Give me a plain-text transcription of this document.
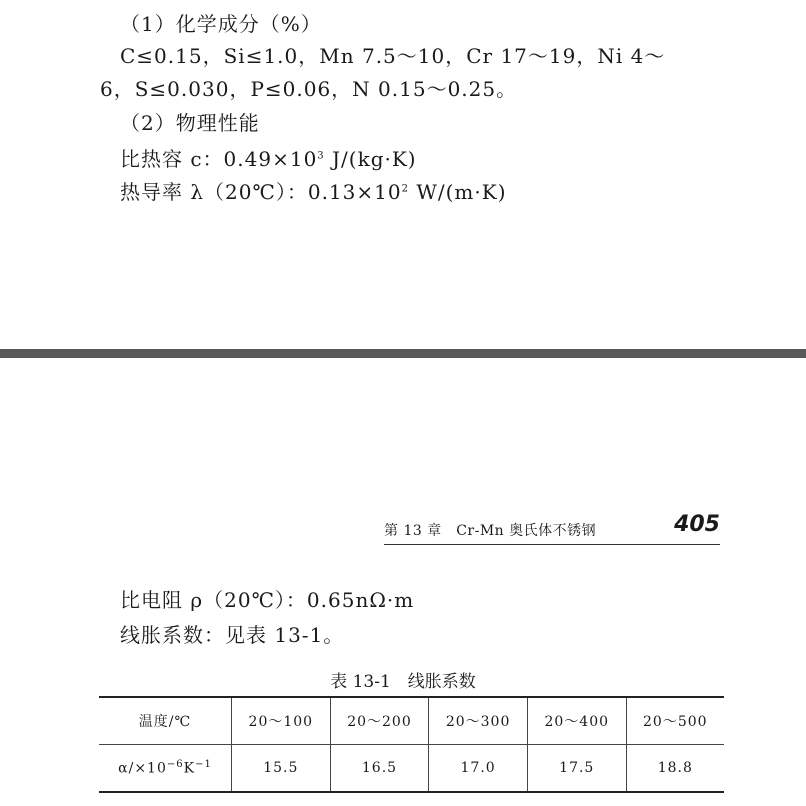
（1）化学成分（%）
C≤0.15，Si≤1.0，Mn 7.5～10，Cr 17～19，Ni 4～
6，S≤0.030，P≤0.06，N 0.15～0.25。
（2）物理性能
比热容 c：$0.49\times 10^3$ J/(kg·K)
热导率 λ（20℃）：$0.13\times 10^2$ W/(m·K)
第 13 章　Cr-Mn 奥氏体不锈钢	405
比电阻 ρ（20℃）：0.65nΩ·m
线胀系数：见表 13-1。
表 13-1　线胀系数
温度/℃	20～100	20～200	20～300	20～400	20～500
$\alpha/\times 10^{-6}K^{-1}$	15.5	16.5	17.0	17.5	18.8
